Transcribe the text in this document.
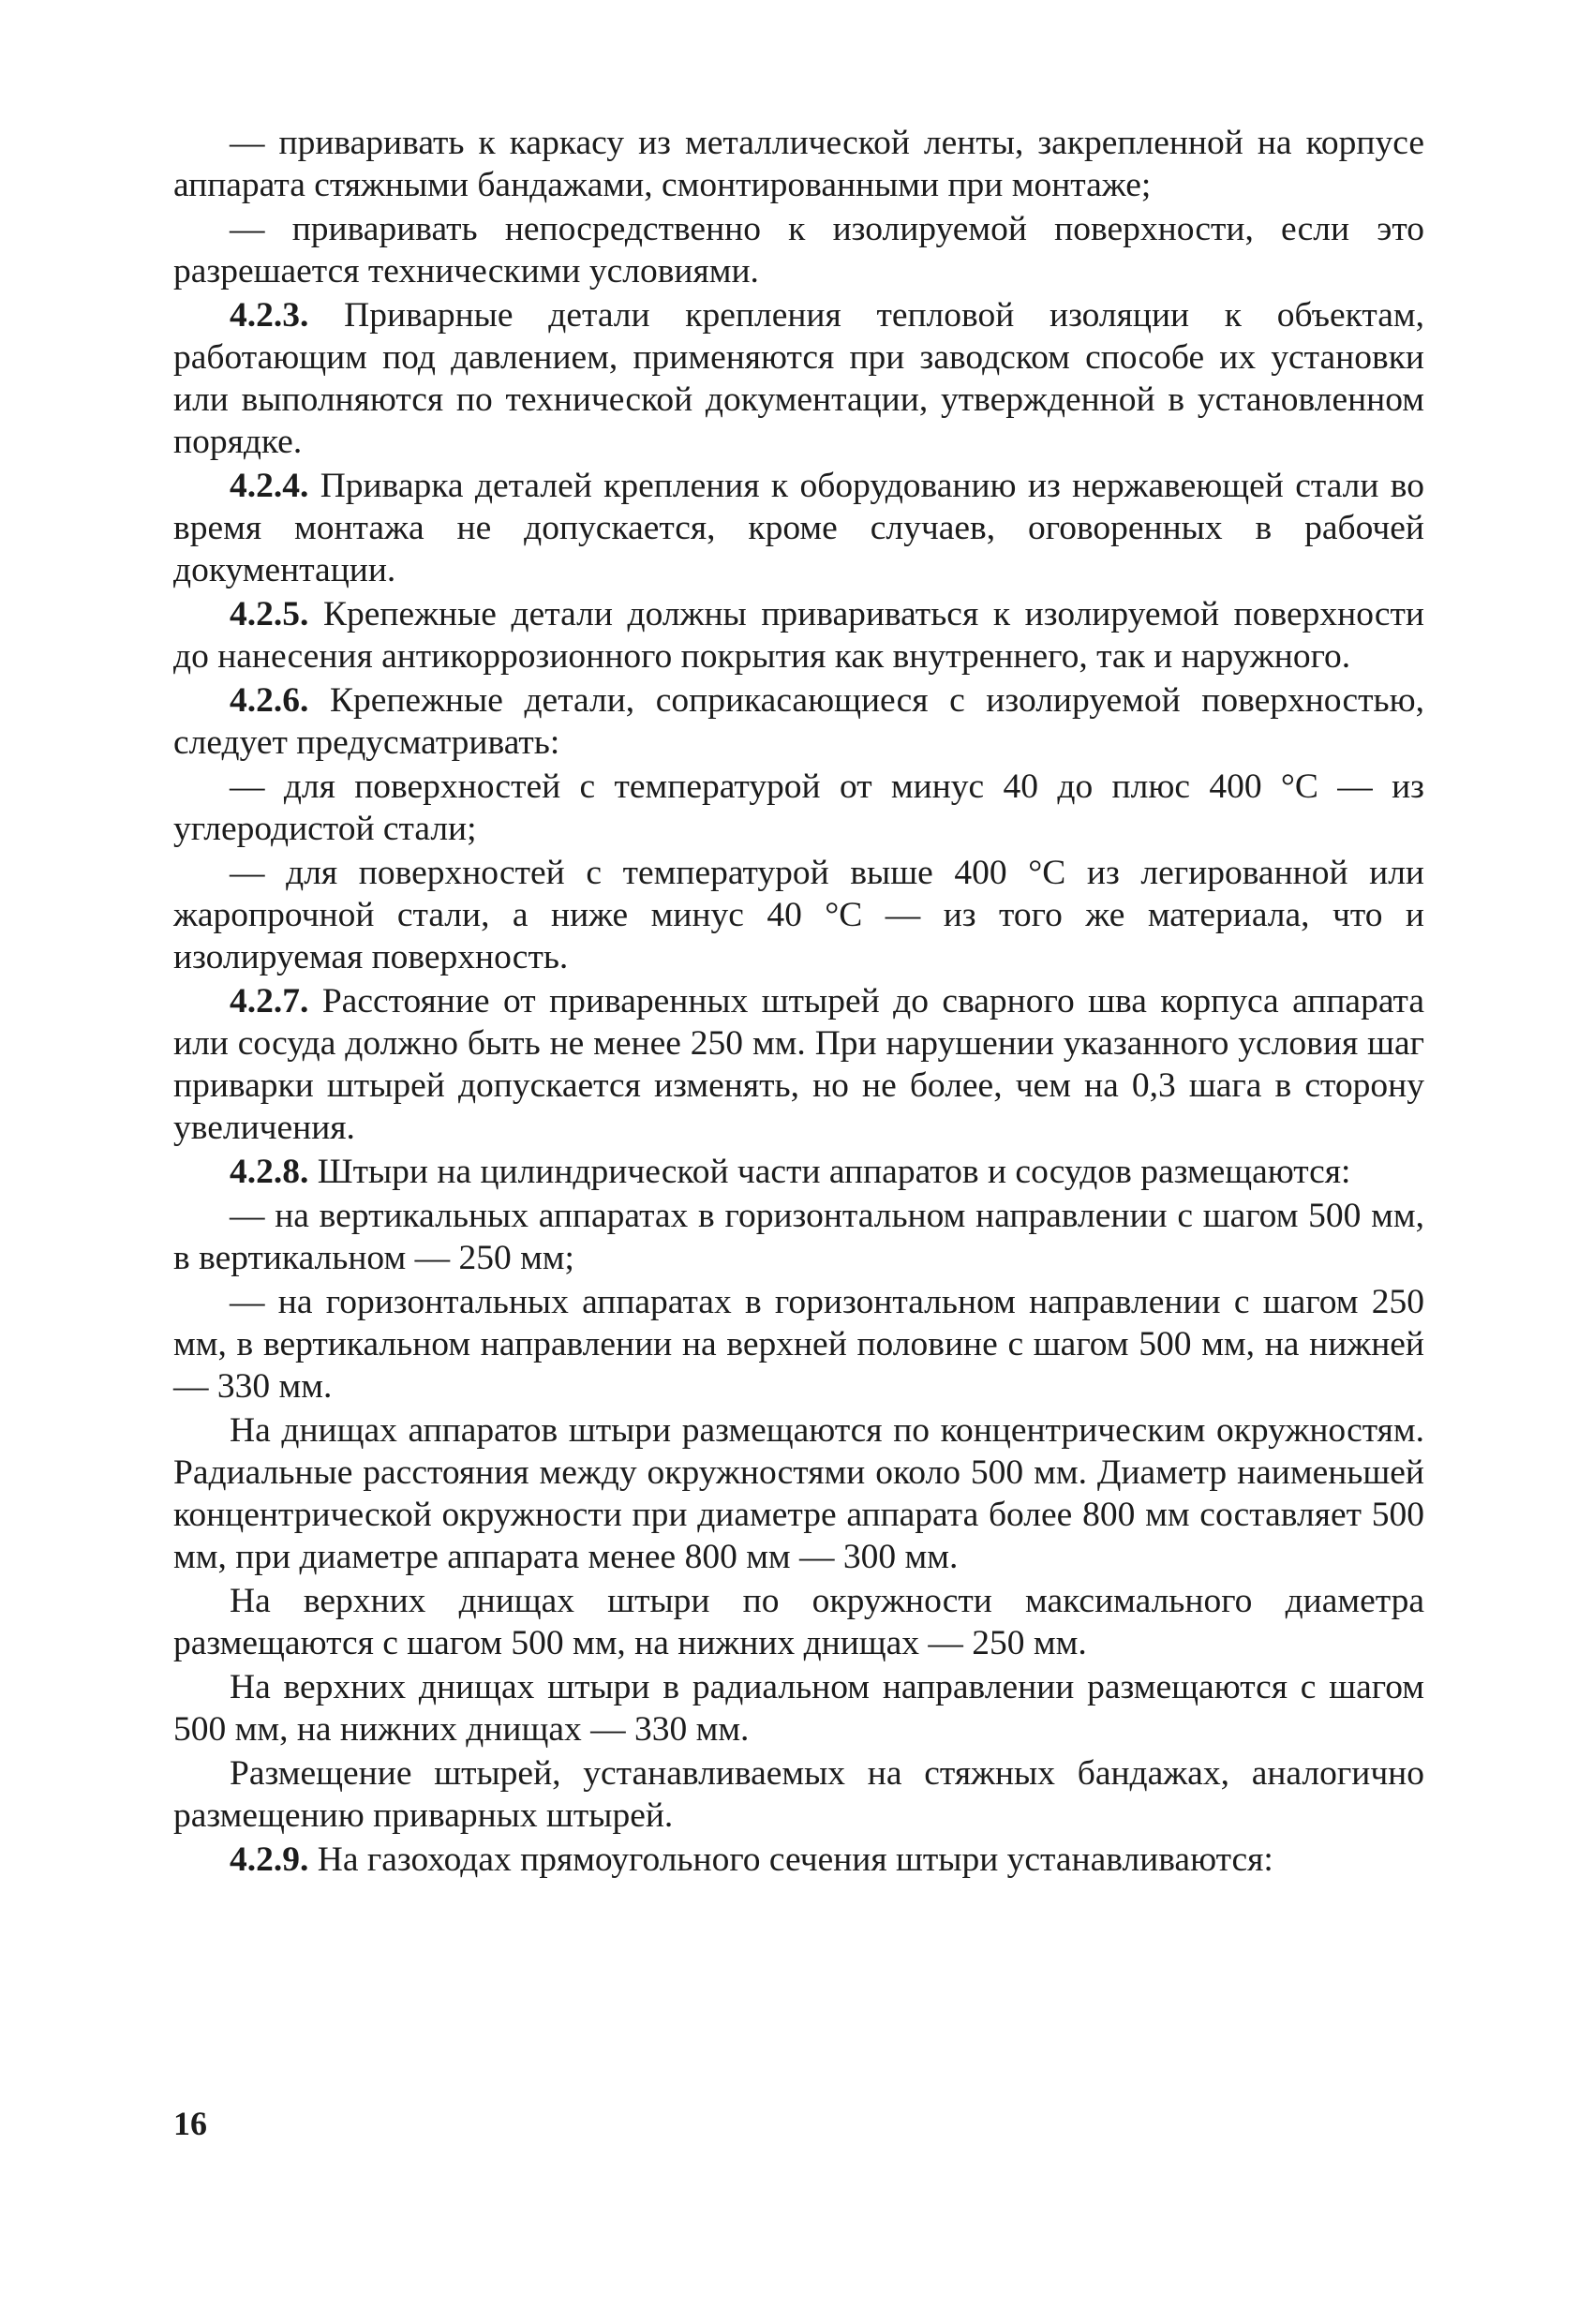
— приваривать к каркасу из металлической ленты, закрепленной на корпусе аппарата стяжными бандажами, смонтированными при монтаже;

— приваривать непосредственно к изолируемой поверхности, если это разрешается техническими условиями.

4.2.3. Приварные детали крепления тепловой изоляции к объектам, работающим под давлением, применяются при заводском способе их установки или выполняются по технической документации, утвержденной в установленном порядке.

4.2.4. Приварка деталей крепления к оборудованию из нержавеющей стали во время монтажа не допускается, кроме случаев, оговоренных в рабочей документации.

4.2.5. Крепежные детали должны привариваться к изолируемой поверхности до нанесения антикоррозионного покрытия как внутреннего, так и наружного.

4.2.6. Крепежные детали, соприкасающиеся с изолируемой поверхностью, следует предусматривать:

— для поверхностей с температурой от минус 40 до плюс 400 °C — из углеродистой стали;

— для поверхностей с температурой выше 400 °C из легированной или жаропрочной стали, а ниже минус 40 °C — из того же материала, что и изолируемая поверхность.

4.2.7. Расстояние от приваренных штырей до сварного шва корпуса аппарата или сосуда должно быть не менее 250 мм. При нарушении указанного условия шаг приварки штырей допускается изменять, но не более, чем на 0,3 шага в сторону увеличения.

4.2.8. Штыри на цилиндрической части аппаратов и сосудов размещаются:

— на вертикальных аппаратах в горизонтальном направлении с шагом 500 мм, в вертикальном — 250 мм;

— на горизонтальных аппаратах в горизонтальном направлении с шагом 250 мм, в вертикальном направлении на верхней половине с шагом 500 мм, на нижней — 330 мм.

На днищах аппаратов штыри размещаются по концентрическим окружностям. Радиальные расстояния между окружностями около 500 мм. Диаметр наименьшей концентрической окружности при диаметре аппарата более 800 мм составляет 500 мм, при диаметре аппарата менее 800 мм — 300 мм.

На верхних днищах штыри по окружности максимального диаметра размещаются с шагом 500 мм, на нижних днищах — 250 мм.

На верхних днищах штыри в радиальном направлении размещаются с шагом 500 мм, на нижних днищах — 330 мм.

Размещение штырей, устанавливаемых на стяжных бандажах, аналогично размещению приварных штырей.

4.2.9. На газоходах прямоугольного сечения штыри устанавливаются:

16
